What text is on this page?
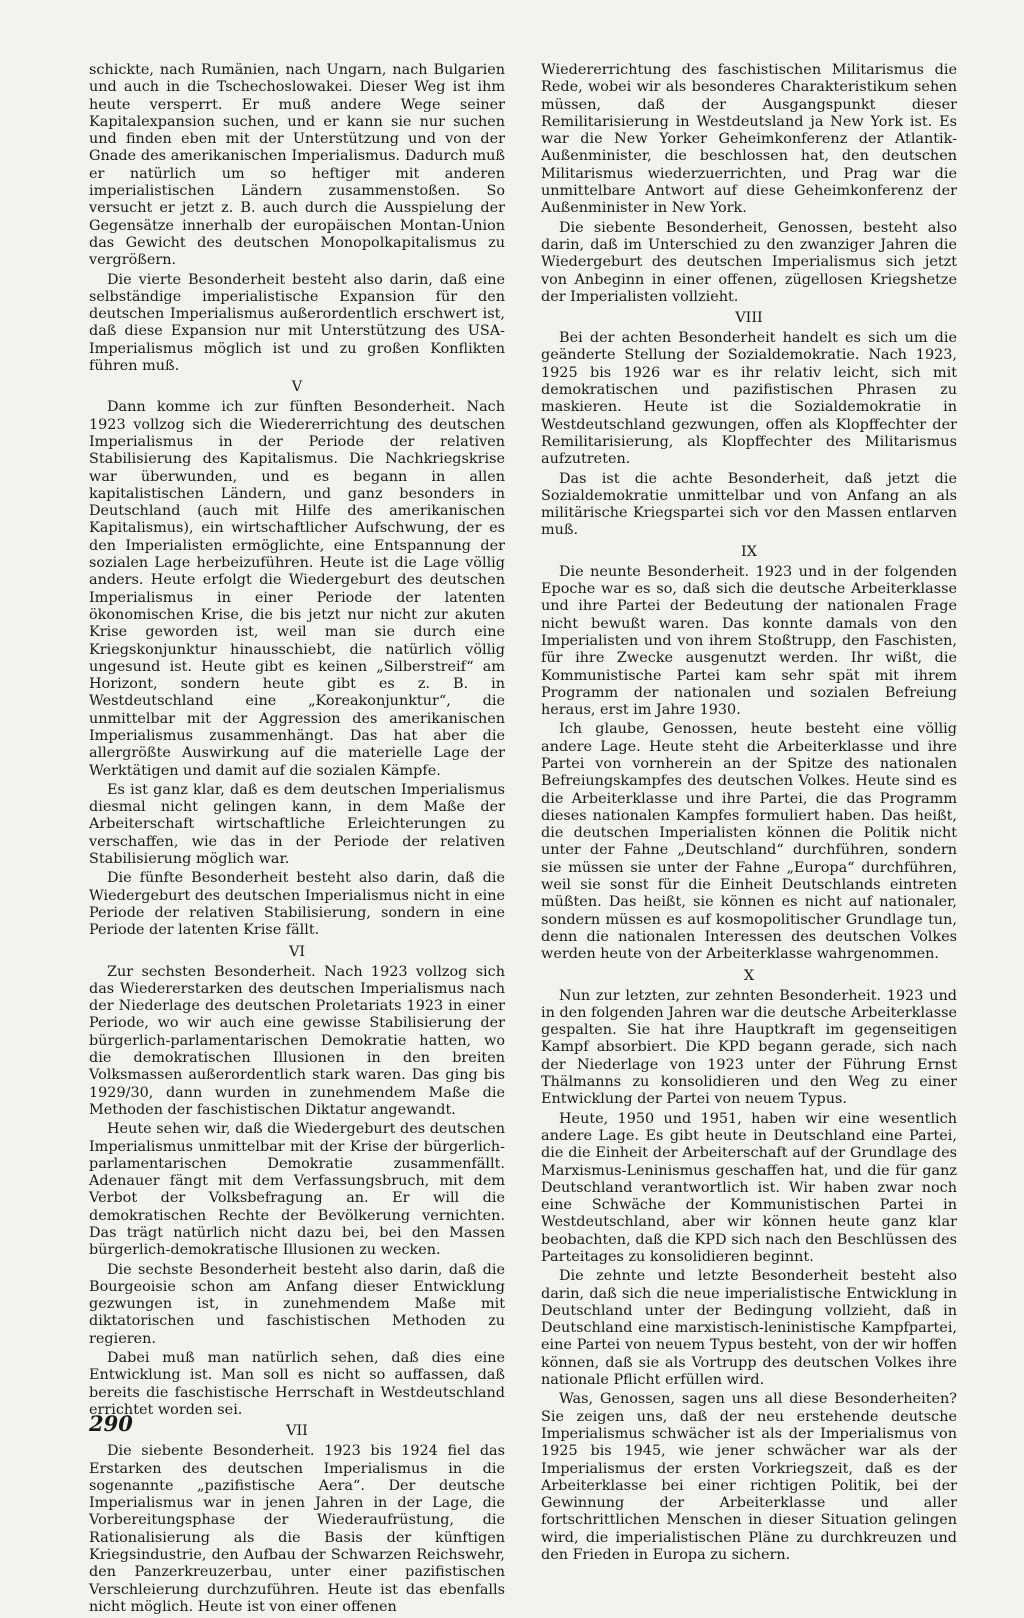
schickte, nach Rumänien, nach Ungarn, nach Bulgarien und auch in die Tschechoslowakei. Dieser Weg ist ihm heute versperrt. Er muß andere Wege seiner Kapitalexpansion suchen, und er kann sie nur suchen und finden eben mit der Unterstützung und von der Gnade des amerikanischen Imperialismus. Dadurch muß er natürlich um so heftiger mit anderen imperialistischen Ländern zusammenstoßen. So versucht er jetzt z. B. auch durch die Ausspielung der Gegensätze innerhalb der europäischen Montan-Union das Gewicht des deutschen Monopolkapitalismus zu vergrößern.

Die vierte Besonderheit besteht also darin, daß eine selbständige imperialistische Expansion für den deutschen Imperialismus außerordentlich erschwert ist, daß diese Expansion nur mit Unterstützung des USA-Imperialismus möglich ist und zu großen Konflikten führen muß.

V

Dann komme ich zur fünften Besonderheit. Nach 1923 vollzog sich die Wiedererrichtung des deutschen Imperialismus in der Periode der relativen Stabilisierung des Kapitalismus. Die Nachkriegskrise war überwunden, und es begann in allen kapitalistischen Ländern, und ganz besonders in Deutschland (auch mit Hilfe des amerikanischen Kapitalismus), ein wirtschaftlicher Aufschwung, der es den Imperialisten ermöglichte, eine Entspannung der sozialen Lage herbeizuführen. Heute ist die Lage völlig anders. Heute erfolgt die Wiedergeburt des deutschen Imperialismus in einer Periode der latenten ökonomischen Krise, die bis jetzt nur nicht zur akuten Krise geworden ist, weil man sie durch eine Kriegskonjunktur hinausschiebt, die natürlich völlig ungesund ist. Heute gibt es keinen „Silberstreif“ am Horizont, sondern heute gibt es z. B. in Westdeutschland eine „Koreakonjunktur“, die unmittelbar mit der Aggression des amerikanischen Imperialismus zusammenhängt. Das hat aber die allergrößte Auswirkung auf die materielle Lage der Werktätigen und damit auf die sozialen Kämpfe.

Es ist ganz klar, daß es dem deutschen Imperialismus diesmal nicht gelingen kann, in dem Maße der Arbeiterschaft wirtschaftliche Erleichterungen zu verschaffen, wie das in der Periode der relativen Stabilisierung möglich war.

Die fünfte Besonderheit besteht also darin, daß die Wiedergeburt des deutschen Imperialismus nicht in eine Periode der relativen Stabilisierung, sondern in eine Periode der latenten Krise fällt.

VI

Zur sechsten Besonderheit. Nach 1923 vollzog sich das Wiedererstarken des deutschen Imperialismus nach der Niederlage des deutschen Proletariats 1923 in einer Periode, wo wir auch eine gewisse Stabilisierung der bürgerlich-parlamentarischen Demokratie hatten, wo die demokratischen Illusionen in den breiten Volksmassen außerordentlich stark waren. Das ging bis 1929/30, dann wurden in zunehmendem Maße die Methoden der faschistischen Diktatur angewandt.

Heute sehen wir, daß die Wiedergeburt des deutschen Imperialismus unmittelbar mit der Krise der bürgerlich-parlamentarischen Demokratie zusammenfällt. Adenauer fängt mit dem Verfassungsbruch, mit dem Verbot der Volksbefragung an. Er will die demokratischen Rechte der Bevölkerung vernichten. Das trägt natürlich nicht dazu bei, bei den Massen bürgerlich-demokratische Illusionen zu wecken.

Die sechste Besonderheit besteht also darin, daß die Bourgeoisie schon am Anfang dieser Entwicklung gezwungen ist, in zunehmendem Maße mit diktatorischen und faschistischen Methoden zu regieren.

Dabei muß man natürlich sehen, daß dies eine Entwicklung ist. Man soll es nicht so auffassen, daß bereits die faschistische Herrschaft in Westdeutschland errichtet worden sei.

VII

Die siebente Besonderheit. 1923 bis 1924 fiel das Erstarken des deutschen Imperialismus in die sogenannte „pazifistische Aera“. Der deutsche Imperialismus war in jenen Jahren in der Lage, die Vorbereitungsphase der Wiederaufrüstung, die Rationalisierung als die Basis der künftigen Kriegsindustrie, den Aufbau der Schwarzen Reichswehr, den Panzerkreuzerbau, unter einer pazifistischen Verschleierung durchzuführen. Heute ist das ebenfalls nicht möglich. Heute ist von einer offenen

Wiedererrichtung des faschistischen Militarismus die Rede, wobei wir als besonderes Charakteristikum sehen müssen, daß der Ausgangspunkt dieser Remilitarisierung in Westdeutsland ja New York ist. Es war die New Yorker Geheimkonferenz der Atlantik-Außenminister, die beschlossen hat, den deutschen Militarismus wiederzuerrichten, und Prag war die unmittelbare Antwort auf diese Geheimkonferenz der Außenminister in New York.

Die siebente Besonderheit, Genossen, besteht also darin, daß im Unterschied zu den zwanziger Jahren die Wiedergeburt des deutschen Imperialismus sich jetzt von Anbeginn in einer offenen, zügellosen Kriegshetze der Imperialisten vollzieht.

VIII

Bei der achten Besonderheit handelt es sich um die geänderte Stellung der Sozialdemokratie. Nach 1923, 1925 bis 1926 war es ihr relativ leicht, sich mit demokratischen und pazifistischen Phrasen zu maskieren. Heute ist die Sozialdemokratie in Westdeutschland gezwungen, offen als Klopffechter der Remilitarisierung, als Klopffechter des Militarismus aufzutreten.

Das ist die achte Besonderheit, daß jetzt die Sozialdemokratie unmittelbar und von Anfang an als militärische Kriegspartei sich vor den Massen entlarven muß.

IX

Die neunte Besonderheit. 1923 und in der folgenden Epoche war es so, daß sich die deutsche Arbeiterklasse und ihre Partei der Bedeutung der nationalen Frage nicht bewußt waren. Das konnte damals von den Imperialisten und von ihrem Stoßtrupp, den Faschisten, für ihre Zwecke ausgenutzt werden. Ihr wißt, die Kommunistische Partei kam sehr spät mit ihrem Programm der nationalen und sozialen Befreiung heraus, erst im Jahre 1930.

Ich glaube, Genossen, heute besteht eine völlig andere Lage. Heute steht die Arbeiterklasse und ihre Partei von vornherein an der Spitze des nationalen Befreiungskampfes des deutschen Volkes. Heute sind es die Arbeiterklasse und ihre Partei, die das Programm dieses nationalen Kampfes formuliert haben. Das heißt, die deutschen Imperialisten können die Politik nicht unter der Fahne „Deutschland“ durchführen, sondern sie müssen sie unter der Fahne „Europa“ durchführen, weil sie sonst für die Einheit Deutschlands eintreten müßten. Das heißt, sie können es nicht auf nationaler, sondern müssen es auf kosmopolitischer Grundlage tun, denn die nationalen Interessen des deutschen Volkes werden heute von der Arbeiterklasse wahrgenommen.

X

Nun zur letzten, zur zehnten Besonderheit. 1923 und in den folgenden Jahren war die deutsche Arbeiterklasse gespalten. Sie hat ihre Hauptkraft im gegenseitigen Kampf absorbiert. Die KPD begann gerade, sich nach der Niederlage von 1923 unter der Führung Ernst Thälmanns zu konsolidieren und den Weg zu einer Entwicklung der Partei von neuem Typus.

Heute, 1950 und 1951, haben wir eine wesentlich andere Lage. Es gibt heute in Deutschland eine Partei, die die Einheit der Arbeiterschaft auf der Grundlage des Marxismus-Leninismus geschaffen hat, und die für ganz Deutschland verantwortlich ist. Wir haben zwar noch eine Schwäche der Kommunistischen Partei in Westdeutschland, aber wir können heute ganz klar beobachten, daß die KPD sich nach den Beschlüssen des Parteitages zu konsolidieren beginnt.

Die zehnte und letzte Besonderheit besteht also darin, daß sich die neue imperialistische Entwicklung in Deutschland unter der Bedingung vollzieht, daß in Deutschland eine marxistisch-leninistische Kampfpartei, eine Partei von neuem Typus besteht, von der wir hoffen können, daß sie als Vortrupp des deutschen Volkes ihre nationale Pflicht erfüllen wird.

Was, Genossen, sagen uns all diese Besonderheiten? Sie zeigen uns, daß der neu erstehende deutsche Imperialismus schwächer ist als der Imperialismus von 1925 bis 1945, wie jener schwächer war als der Imperialismus der ersten Vorkriegszeit, daß es der Arbeiterklasse bei einer richtigen Politik, bei der Gewinnung der Arbeiterklasse und aller fortschrittlichen Menschen in dieser Situation gelingen wird, die imperialistischen Pläne zu durchkreuzen und den Frieden in Europa zu sichern.

290
